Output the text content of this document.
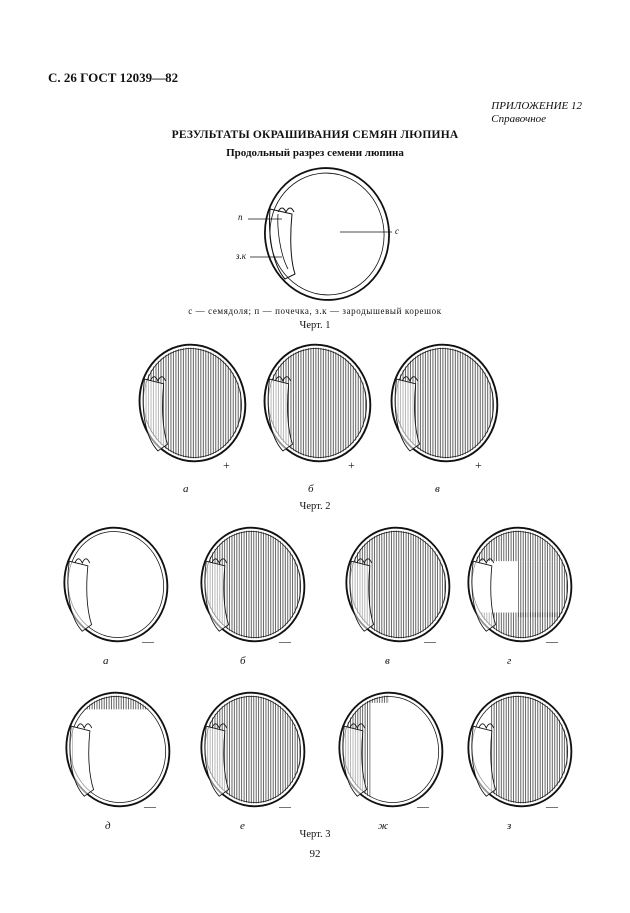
С. 26 ГОСТ 12039—82
ПРИЛОЖЕНИЕ 12
Справочное
РЕЗУЛЬТАТЫ ОКРАШИВАНИЯ СЕМЯН ЛЮПИНА
Продольный разрез семени люпина
п
з.к
с
с — семядоля; п — почечка, з.к — зародышевый корешок
Черт. 1
Черт. 2
Черт. 3
92
а
+
б
+
в
+
а
—
б
—
в
—
г
—
д
—
е
—
ж
—
з
—
